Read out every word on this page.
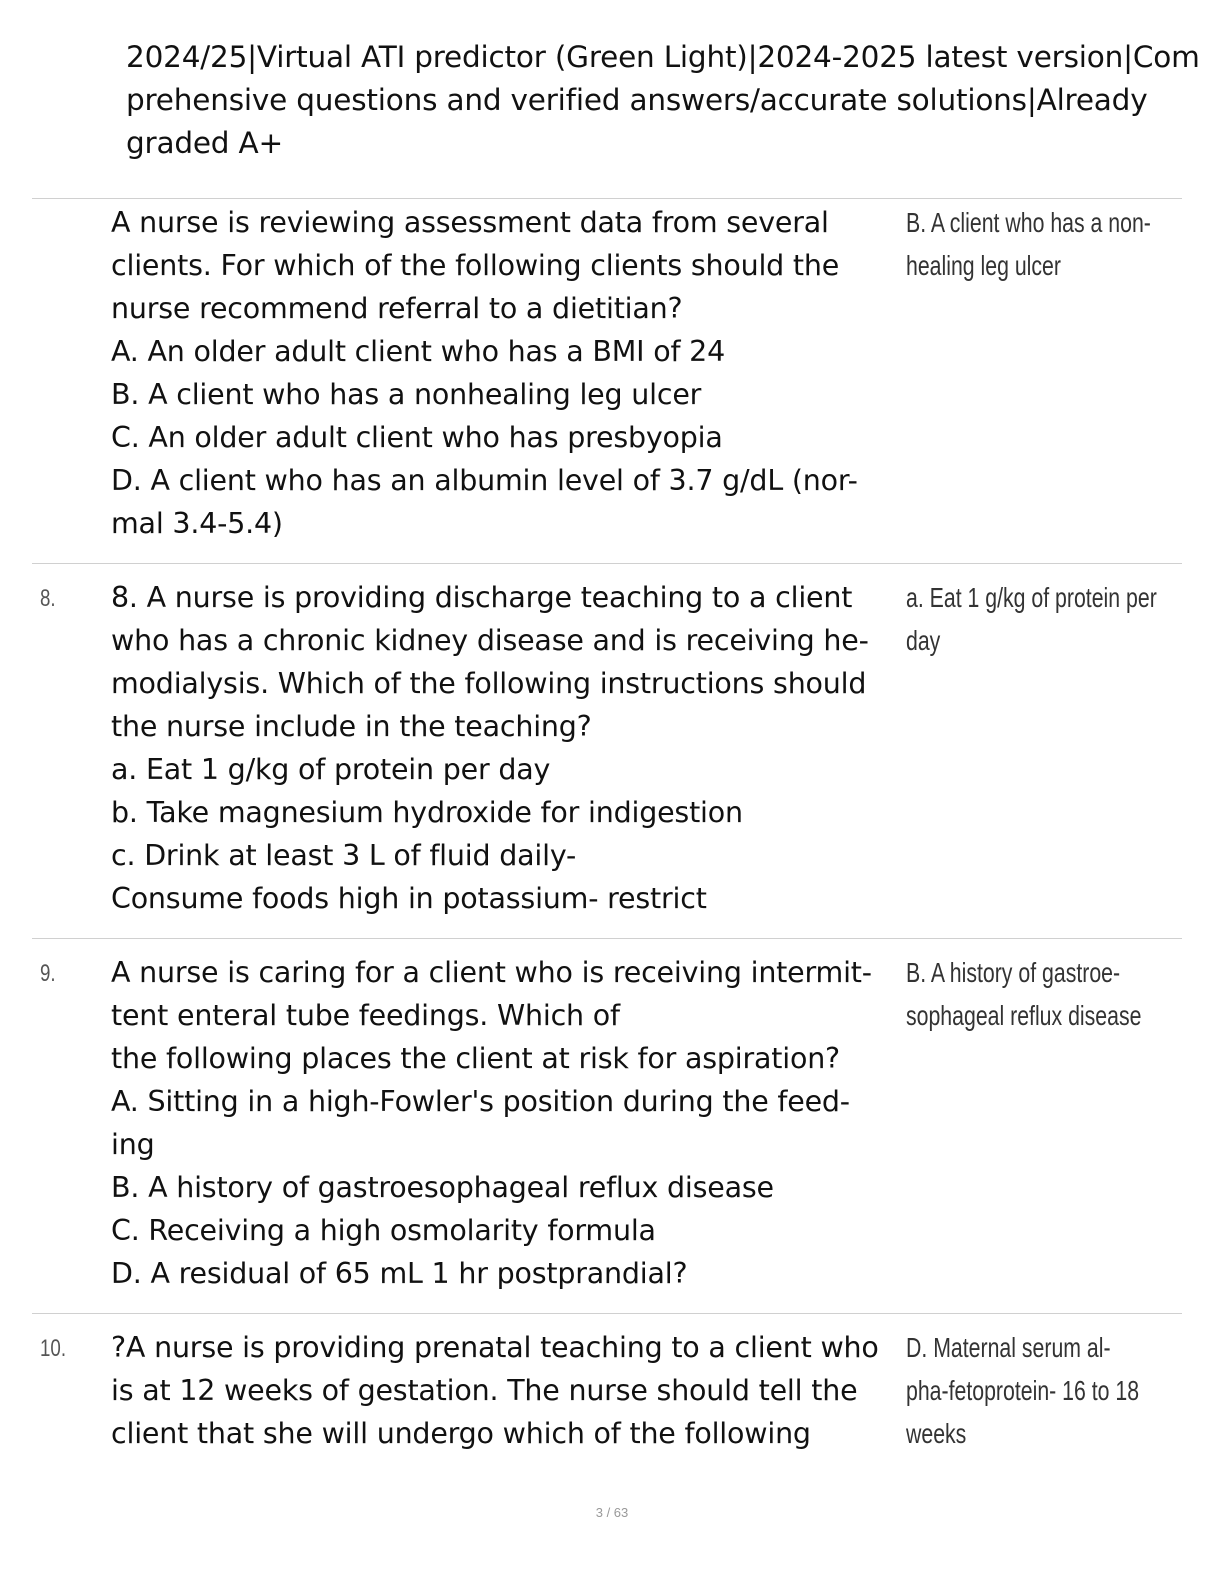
2024/25|Virtual ATI predictor (Green Light)|2024-2025 latest version|Com
prehensive questions and verified answers/accurate solutions|Already
graded A+
A nurse is reviewing assessment data from several
clients. For which of the following clients should the
nurse recommend referral to a dietitian?
A. An older adult client who has a BMI of 24
B. A client who has a nonhealing leg ulcer
C. An older adult client who has presbyopia
D. A client who has an albumin level of 3.7 g/dL (nor-
mal 3.4-5.4)
B. A client who has a non-
healing leg ulcer
8. 8. A nurse is providing discharge teaching to a client
who has a chronic kidney disease and is receiving he-
modialysis. Which of the following instructions should
the nurse include in the teaching?
a. Eat 1 g/kg of protein per day
b. Take magnesium hydroxide for indigestion
c. Drink at least 3 L of fluid daily-
Consume foods high in potassium- restrict
a. Eat 1 g/kg of protein per
day
9. A nurse is caring for a client who is receiving intermit-
tent enteral tube feedings. Which of
the following places the client at risk for aspiration?
A. Sitting in a high-Fowler's position during the feed-
ing
B. A history of gastroesophageal reflux disease
C. Receiving a high osmolarity formula
D. A residual of 65 mL 1 hr postprandial?
B. A history of gastroe-
sophageal reflux disease
10. ?A nurse is providing prenatal teaching to a client who
is at 12 weeks of gestation. The nurse should tell the
client that she will undergo which of the following
D. Maternal serum al-
pha-fetoprotein- 16 to 18
weeks
3 / 63
